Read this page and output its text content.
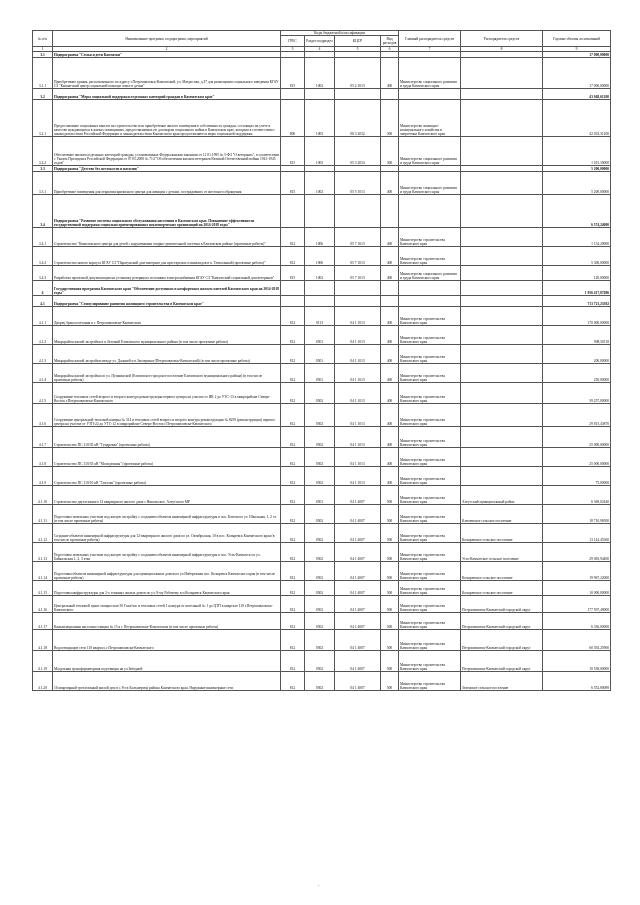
№ п/п	Наименование программ, подпрограмм, мероприятий	Коды бюджетной классификации				Главный распорядитель средств	Распорядитель средств	Годовые объемы ассигнований
		ГРБС	Раздел подраздел	КЦСР	Вид расходов			
1	2	3	4	5	6	7	8	9
3.1	Подпрограмма "Семья и дети Камчатки"							17 000,00000
3.1.1	Приобретение здания, расположенного по адресу г.Петропавловск-Камчатский, ул. Матросова, д.37 для размещения социального заведения КГАУ СЗ "Камчатский центр социальной помощи семье и детям"	815	1002	05 2 1013	400	Министерство социального развития и труда Камчатского края		17 000,00000
3.2	Подпрограмма "Меры социальной поддержки отдельных категорий граждан в Камчатском крае"							43 048,61200
3.2.1	Предоставление социальных выплат на строительство или приобретение жилого помещения в собственность граждан, состоящих на учете в качестве нуждающихся в жилых помещениях, предоставляемых по договорам социального найма в Камчатском крае, которым в соответствии с законодательством Российской Федерации и законодательством Камчатского края предоставляются меры социальной поддержки	806	1003	06 3 2032	300	Министерство жилищно-коммунального хозяйства и энергетики Камчатского края		42 033,31200
3.2.2	Обеспечение жильем отдельных категорий граждан, установленных Федеральными законами от 12 01.1995 № 5-ФЗ "О ветеранах", в соответствии с Указом Президента Российской Федерации от 07.05.2008 № 714 "Об обеспечении жильем ветеранов Великой Отечественной войны 1941-1945 годов"	815	1003	05 3 2034	300	Министерство социального развития и труда Камчатского края		1 015,30000
3.3	Подпрограмма "Детство без жестокости и насилия"							5 200,00000
3.3.1	Приобретение помещения для открытия кризисного центра для женщин с детьми, пострадавших от жестокого обращения	815	1002	05 5 1013	400	Министерство социального развития и труда Камчатского края		5 200,00000
3.4	Подпрограмма "Развитие системы социального обслуживания населения в Камчатском крае. Повышение эффективности государственной поддержки социально ориентированных некоммерческих организаций на 2014-2018 годы"							6 574,24000
3.4.1	Строительство "Комплексного центра для детей с нарушениями опорно-двигательной системы в Елизовском районе (проектные работы)"	812	1006	05 7 1013	400	Министерство строительства Камчатского края		1 154,20000
3.4.2	Строительство нового корпуса КГАУ СЗ "Паратунский дом-интернат для престарелых и инвалидов в п. Termальный (проектные работы)"	812	1006	05 7 1013	400	Министерство строительства Камчатского края		5 300,00000
3.4.3	Разработка проектной документации на установку резервного источника электроснабжения КГАУ СЗ "Камчатский социальный дом ветеранов"	815	1002	05 7 1013	400	Министерство социального развития и труда Камчатского края		120,00000
4	Государственная программа Камчатского края "Обеспечение доступным и комфортным жильем жителей Камчатского края на 2014-2018 годы"							1 956 417,87496
4.1	Подпрограмма "Стимулирование развития жилищного строительства в Камчатском крае"							713 721,23302
4.1.1	Дворец бракосочетания в г. Петропавловске-Камчатском	812	0113	04 1 1013	400	Министерство строительства Камчатского края		170 000,00000
4.1.2	Микрорайон жилой застройки в п.Зеленый Елизовского муниципального района (в том числе проектные работы)	812	0501	04 1 1013	400	Министерство строительства Камчатского края		908,50118
4.1.3	Микрорайон жилой застройки между ул. Дальней и п.Заозерным (Петропавловск-Камчатский) (в том числе проектные работы)	812	0501	04 1 1013	400	Министерство строительства Камчатского края		200,00000
4.1.4	Микрорайон жилой застройки по ул. Пушкинской (Елизовское городское поселение Елизовского муниципального района) (в том числе проектные работы)	812	0501	04 1 1013	400	Министерство строительства Камчатского края		250,00000
4.1.5	Сооружение тепловых сетей второго и второго контура реконструкции первого центра на участке от ИК 2 до УТС-13 в микрорайоне Северо-Восток г.Петропавловска-Камчатского	812	0502	04 1 1013	400	Министерство строительства Камчатского края		39 257,00000
4.1.6	Сооружение центральной тепловой камеры № 314 и тепловых сетей второго и второго контура реконструкции № 8259 (реконструкция) первого центра на участке от УТП-22 до УТС-12 в микрорайоне Северо-Восток г.Петропавловска-Камчатского	812	0502	04 1 1013	400	Министерство строительства Камчатского края		29 815,43870
4.1.7	Строительство ПС 110/35 кВ "Тундровая" (проектные работы)	812	0502	04 1 1013	400	Министерство строительства Камчатского края		25 000,00000
4.1.8	Строительство ПС 110/35 кВ "Молодежная" (проектные работы)	812	0502	04 1 1013	400	Министерство строительства Камчатского края		25 000,00000
4.1.9	Строительство ПС 110/10 кВ "Светлая" (проектные работы)	812	0502	04 1 1013	400	Министерство строительства Камчатского края		75,00000
4.1.10	Строительство двухэтажного 12 квартирного жилого дома с.Никольское, Алеутского МР	812	0501	04 1 4007	500	Министерство строительства Камчатского края	Алеутский муниципальный район	6 369,02440
4.1.11	Подготовка земельных участков под жилую застройку с созданием объектов инженерной инфраструктуры в пос. Ключи по ул. Школьная, 1, 2 эт. (в том числе проектные работы)	812	0502	04 1 4007	500	Министерство строительства Камчатского края	Ключевское сельское поселение	18 710,96500
4.1.12	Создание объектов инженерной инфраструктуры для 12-квартирного жилого дома по ул. Октябрьская, 10 в пос. Козыревск Камчатского края (в том числе проектные работы)	812	0502	04 1 4007	500	Министерство строительства Камчатского края	Козыревское сельское поселение	13 142,45360
4.1.13	Подготовка земельных участков под жилую застройку с созданием объектов инженерной инфраструктуры в пос. Усть-Камчатск по ул. Байкальская 1, 2, 3 этап	812	0502	04 1 4007	500	Министерство строительства Камчатского края	Усть-Камчатское сельское поселение	29 065,94400
4.1.14	Подготовка объектов инженерной инфраструктуры для муниципальных домов по ул.Набережная пос. Козыревск Камчатского края (в том числе проектные работы)	812	0502	04 1 4007	500	Министерство строительства Камчатского края	Козыревское сельское поселение	19 967,22000
4.1.15	Подготовка инфраструктуры для 2-х этажных жилых домов по ул. 8-му Рабочему в п.Козыревск Камчатского края	812	0502	04 1 4007	500	Министерство строительства Камчатского края	Козыревское сельское поселение	10 000,00000
4.1.16	Центральный тепловой пункт мощностью 50 Гкал/час и тепловых сетей 1 контура от котельной № 1 до ЦТП в квартале 110 г.Петропавловска-Камчатского	812	0502	04 1 4007	500	Министерство строительства Камчатского края	Петропавловск-Камчатский городской округ	177 597,49000
4.1.17	Канализационная насосная станция № 15 в г. Петропавловске-Камчатском (в том числе проектные работы)	812	0502	04 1 4007	500	Министерство строительства Камчатского края	Петропавловск-Камчатский городской округ	6 336,00000
4.1.18	Водоотводящие сети 110 квартал, г.Петропавловска-Камчатского	812	0502	04 1 4007	500	Министерство строительства Камчатского края	Петропавловск-Камчатский городской округ	60 392,25900
4.1.19	Модульная трансформаторная подстанция на ул.Звёздной	812	0502	04 1 4007	500	Министерство строительства Камчатского края	Петропавловск-Камчатский городской округ	10 538,00000
4.1.20	16 квартирный трехэтажный жилой дом в с.Усть-Большерецк района Камчатского края. Наружные инженерные сети	812	0502	04 1 4007	500	Министерство строительства Камчатского края	Зеленское сельское поселение	6 552,80089
-
